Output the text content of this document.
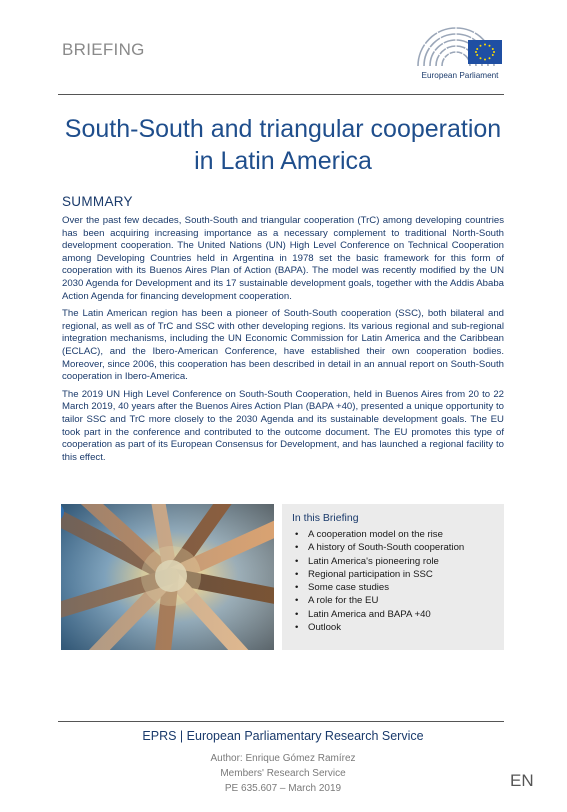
BRIEFING
European Parliament
South-South and triangular cooperation in Latin America
SUMMARY

Over the past few decades, South-South and triangular cooperation (TrC) among developing countries has been acquiring increasing importance as a necessary complement to traditional North-South development cooperation. The United Nations (UN) High Level Conference on Technical Cooperation among Developing Countries held in Argentina in 1978 set the basic framework for this form of cooperation with its Buenos Aires Plan of Action (BAPA). The model was recently modified by the UN 2030 Agenda for Development and its 17 sustainable development goals, together with the Addis Ababa Action Agenda for financing development cooperation.

The Latin American region has been a pioneer of South-South cooperation (SSC), both bilateral and regional, as well as of TrC and SSC with other developing regions. Its various regional and sub-regional integration mechanisms, including the UN Economic Commission for Latin America and the Caribbean (ECLAC), and the Ibero-American Conference, have established their own cooperation bodies. Moreover, since 2006, this cooperation has been described in detail in an annual report on South-South cooperation in Ibero-America.

The 2019 UN High Level Conference on South-South Cooperation, held in Buenos Aires from 20 to 22 March 2019, 40 years after the Buenos Aires Action Plan (BAPA +40), presented a unique opportunity to tailor SSC and TrC more closely to the 2030 Agenda and its sustainable development goals. The EU took part in the conference and contributed to the outcome document. The EU promotes this type of cooperation as part of its European Consensus for Development, and has launched a regional facility to this effect.

In this Briefing
• A cooperation model on the rise
• A history of South-South cooperation
• Latin America's pioneering role
• Regional participation in SSC
• Some case studies
• A role for the EU
• Latin America and BAPA +40
• Outlook
EPRS | European Parliamentary Research Service
Author: Enrique Gómez Ramírez
Members' Research Service
PE 635.607 – March 2019	EN
